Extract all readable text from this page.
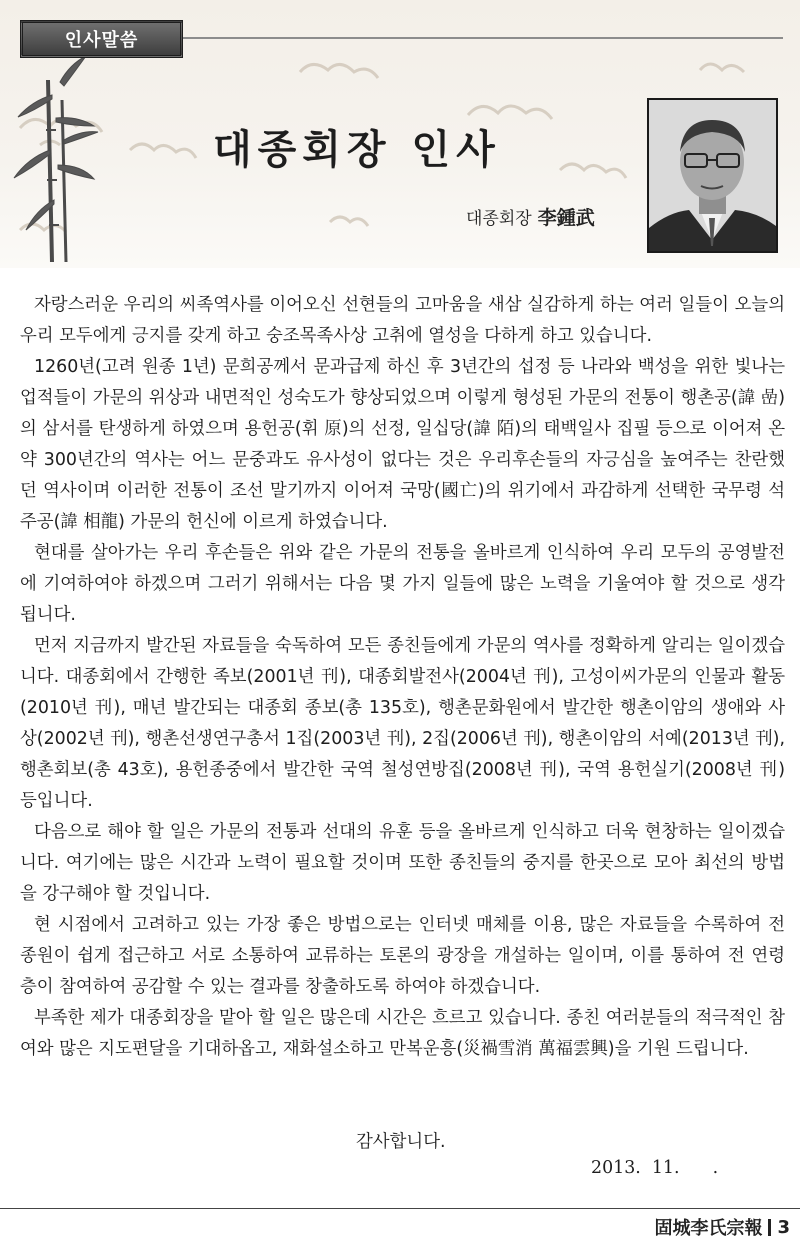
인사말씀
대종회장 인사
대종회장 李鍾武

자랑스러운 우리의 씨족역사를 이어오신 선현들의 고마움을 새삼 실감하게 하는 여러 일들이 오늘의 우리 모두에게 긍지를 갖게 하고 숭조목족사상 고취에 열성을 다하게 하고 있습니다.

1260년(고려 원종 1년) 문희공께서 문과급제 하신 후 3년간의 섭정 등 나라와 백성을 위한 빛나는 업적들이 가문의 위상과 내면적인 성숙도가 향상되었으며 이렇게 형성된 가문의 전통이 행촌공(諱 嵒)의 삼서를 탄생하게 하였으며 용헌공(휘 原)의 선정, 일십당(諱 陌)의 태백일사 집필 등으로 이어져 온 약 300년간의 역사는 어느 문중과도 유사성이 없다는 것은 우리후손들의 자긍심을 높여주는 찬란했던 역사이며 이러한 전통이 조선 말기까지 이어져 국망(國亡)의 위기에서 과감하게 선택한 국무령 석주공(諱 相龍) 가문의 헌신에 이르게 하였습니다.

현대를 살아가는 우리 후손들은 위와 같은 가문의 전통을 올바르게 인식하여 우리 모두의 공영발전에 기여하여야 하겠으며 그러기 위해서는 다음 몇 가지 일들에 많은 노력을 기울여야 할 것으로 생각됩니다.

먼저 지금까지 발간된 자료들을 숙독하여 모든 종친들에게 가문의 역사를 정확하게 알리는 일이겠습니다. 대종회에서 간행한 족보(2001년 刊), 대종회발전사(2004년 刊), 고성이씨가문의 인물과 활동(2010년 刊), 매년 발간되는 대종회 종보(총 135호), 행촌문화원에서 발간한 행촌이암의 생애와 사상(2002년 刊), 행촌선생연구총서 1집(2003년 刊), 2집(2006년 刊), 행촌이암의 서예(2013년 刊), 행촌회보(총 43호), 용헌종중에서 발간한 국역 철성연방집(2008년 刊), 국역 용헌실기(2008년 刊) 등입니다.

다음으로 해야 할 일은 가문의 전통과 선대의 유훈 등을 올바르게 인식하고 더욱 현창하는 일이겠습니다. 여기에는 많은 시간과 노력이 필요할 것이며 또한 종친들의 중지를 한곳으로 모아 최선의 방법을 강구해야 할 것입니다.

현 시점에서 고려하고 있는 가장 좋은 방법으로는 인터넷 매체를 이용, 많은 자료들을 수록하여 전 종원이 쉽게 접근하고 서로 소통하여 교류하는 토론의 광장을 개설하는 일이며, 이를 통하여 전 연령층이 참여하여 공감할 수 있는 결과를 창출하도록 하여야 하겠습니다.

부족한 제가 대종회장을 맡아 할 일은 많은데 시간은 흐르고 있습니다. 종친 여러분들의 적극적인 참여와 많은 지도편달을 기대하옵고, 재화설소하고 만복운흥(災禍雪消 萬福雲興)을 기원 드립니다.

감사합니다.
2013.  11.      .
固城李氏宗報 3
